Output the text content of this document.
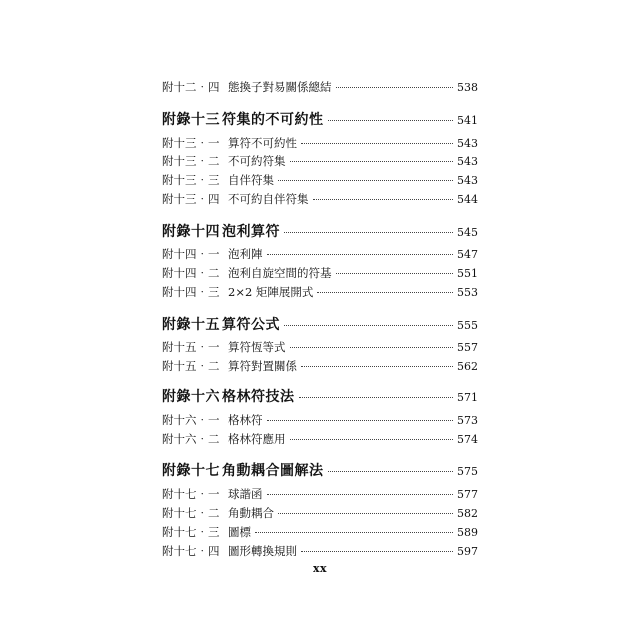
附十二‧四 態換子對易關係總結	538
附錄十三 符集的不可約性	541
附十三‧一 算符不可約性	543
附十三‧二 不可約符集	543
附十三‧三 自伴符集	543
附十三‧四 不可約自伴符集	544
附錄十四 泡利算符	545
附十四‧一 泡利陣	547
附十四‧二 泡利自旋空間的符基	551
附十四‧三 2×2 矩陣展開式	553
附錄十五 算符公式	555
附十五‧一 算符恆等式	557
附十五‧二 算符對置關係	562
附錄十六 格林符技法	571
附十六‧一 格林符	573
附十六‧二 格林符應用	574
附錄十七 角動耦合圖解法	575
附十七‧一 球諧函	577
附十七‧二 角動耦合	582
附十七‧三 圖標	589
附十七‧四 圖形轉換規則	597
xx
